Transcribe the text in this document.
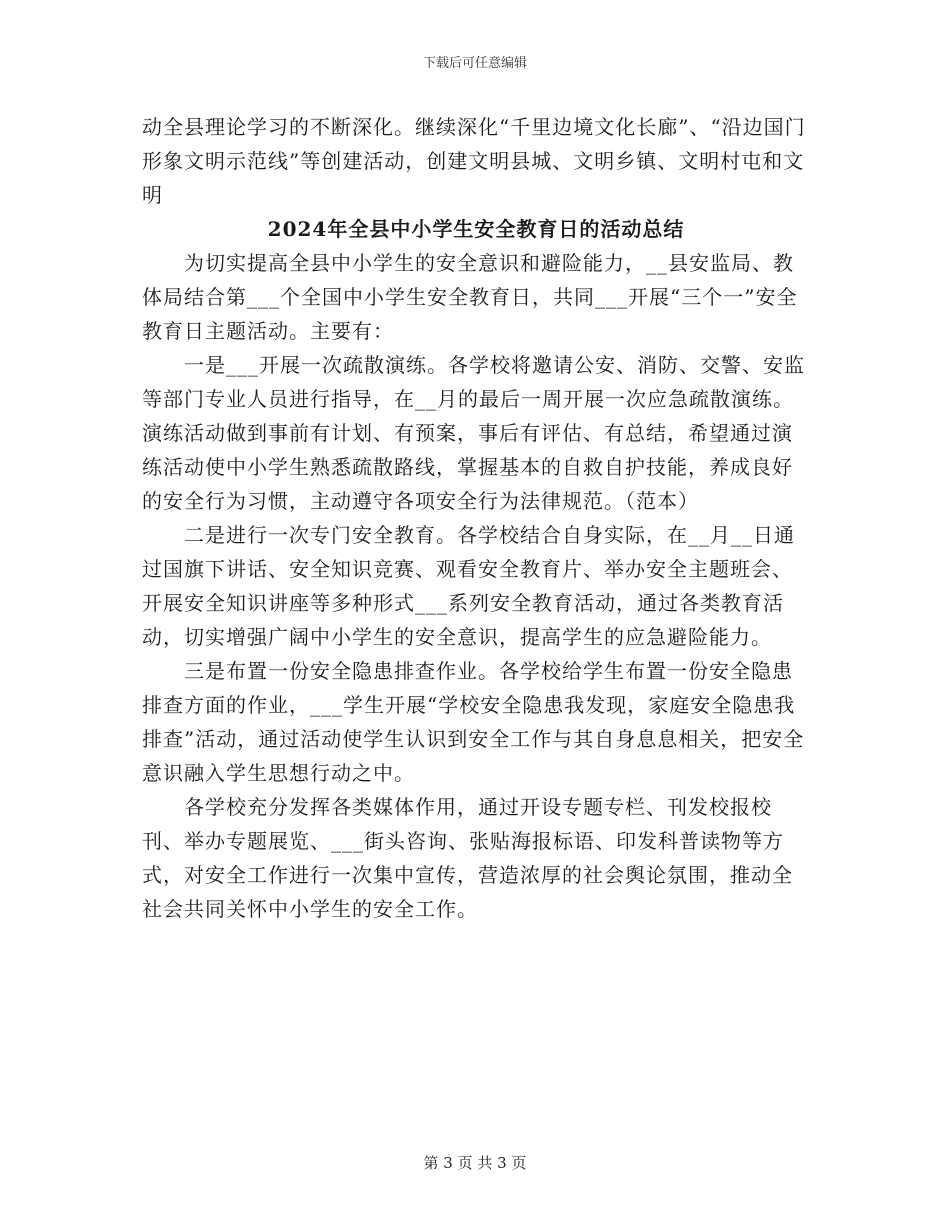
下载后可任意编辑

动全县理论学习的不断深化。继续深化“千里边境文化长廊”、“沿边国门形象文明示范线”等创建活动，创建文明县城、文明乡镇、文明村屯和文明

2024年全县中小学生安全教育日的活动总结

为切实提高全县中小学生的安全意识和避险能力，__县安监局、教体局结合第___个全国中小学生安全教育日，共同___开展“三个一”安全教育日主题活动。主要有：

一是___开展一次疏散演练。各学校将邀请公安、消防、交警、安监等部门专业人员进行指导，在__月的最后一周开展一次应急疏散演练。演练活动做到事前有计划、有预案，事后有评估、有总结，希望通过演练活动使中小学生熟悉疏散路线，掌握基本的自救自护技能，养成良好的安全行为习惯，主动遵守各项安全行为法律规范。（范本）

二是进行一次专门安全教育。各学校结合自身实际，在__月__日通过国旗下讲话、安全知识竞赛、观看安全教育片、举办安全主题班会、开展安全知识讲座等多种形式___系列安全教育活动，通过各类教育活动，切实增强广阔中小学生的安全意识，提高学生的应急避险能力。

三是布置一份安全隐患排查作业。各学校给学生布置一份安全隐患排查方面的作业，___学生开展“学校安全隐患我发现，家庭安全隐患我排查”活动，通过活动使学生认识到安全工作与其自身息息相关，把安全意识融入学生思想行动之中。

各学校充分发挥各类媒体作用，通过开设专题专栏、刊发校报校刊、举办专题展览、___街头咨询、张贴海报标语、印发科普读物等方式，对安全工作进行一次集中宣传，营造浓厚的社会舆论氛围，推动全社会共同关怀中小学生的安全工作。

第 3 页 共 3 页
